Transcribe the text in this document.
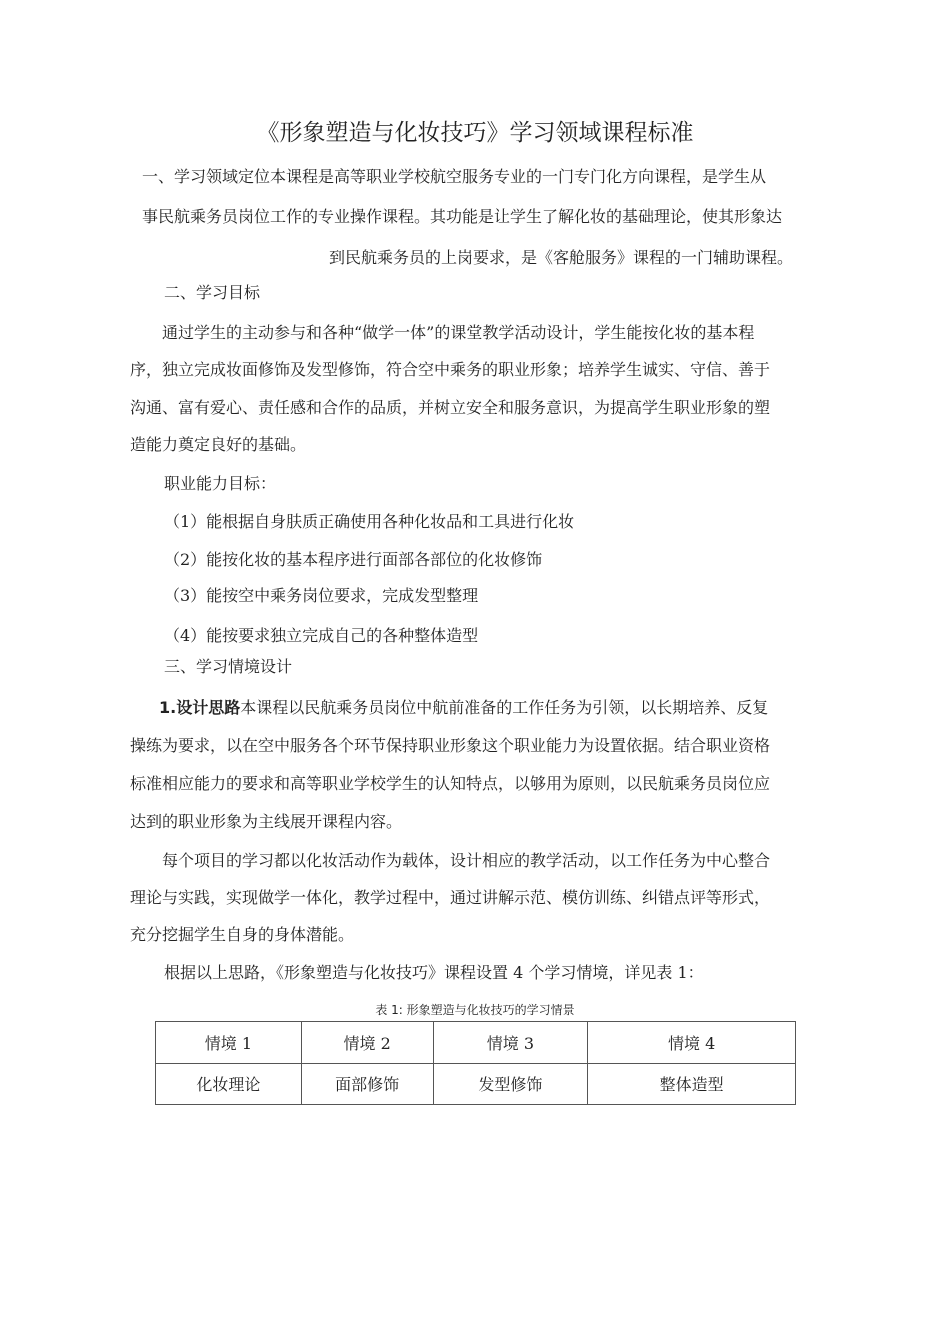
《形象塑造与化妆技巧》学习领域课程标准
一、学习领域定位本课程是高等职业学校航空服务专业的一门专门化方向课程，是学生从
事民航乘务员岗位工作的专业操作课程。其功能是让学生了解化妆的基础理论，使其形象达
到民航乘务员的上岗要求，是《客舱服务》课程的一门辅助课程。
二、学习目标
通过学生的主动参与和各种“做学一体”的课堂教学活动设计，学生能按化妆的基本程
序，独立完成妆面修饰及发型修饰，符合空中乘务的职业形象；培养学生诚实、守信、善于
沟通、富有爱心、责任感和合作的品质，并树立安全和服务意识，为提高学生职业形象的塑
造能力奠定良好的基础。
职业能力目标：
（1）能根据自身肤质正确使用各种化妆品和工具进行化妆
（2）能按化妆的基本程序进行面部各部位的化妆修饰
（3）能按空中乘务岗位要求，完成发型整理
（4）能按要求独立完成自己的各种整体造型
三、学习情境设计
1.设计思路本课程以民航乘务员岗位中航前准备的工作任务为引领，以长期培养、反复
操练为要求，以在空中服务各个环节保持职业形象这个职业能力为设置依据。结合职业资格
标准相应能力的要求和高等职业学校学生的认知特点，以够用为原则，以民航乘务员岗位应
达到的职业形象为主线展开课程内容。
每个项目的学习都以化妆活动作为载体，设计相应的教学活动，以工作任务为中心整合
理论与实践，实现做学一体化，教学过程中，通过讲解示范、模仿训练、纠错点评等形式，
充分挖掘学生自身的身体潜能。
根据以上思路，《形象塑造与化妆技巧》课程设置 4 个学习情境，详见表 1：
表 1: 形象塑造与化妆技巧的学习情景
情境 1	情境 2	情境 3	情境 4
化妆理论	面部修饰	发型修饰	整体造型
